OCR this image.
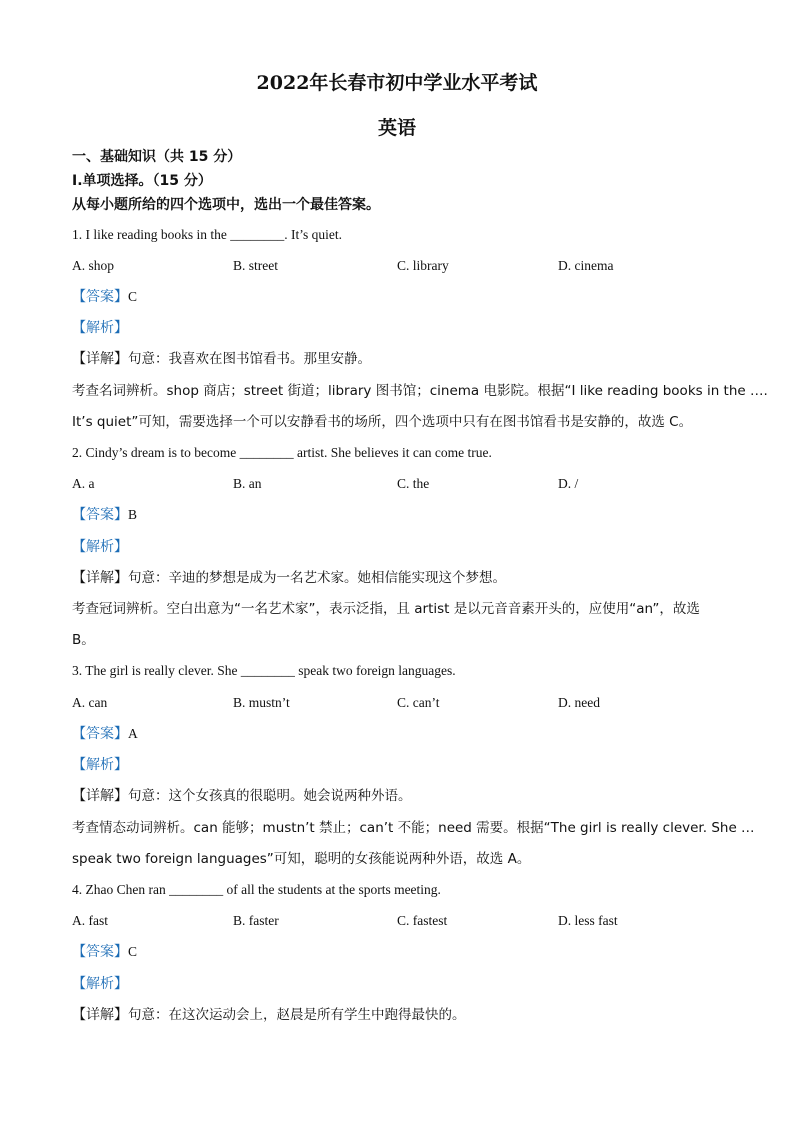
2022年长春市初中学业水平考试
英语
一、基础知识（共 15 分）
Ⅰ.单项选择。（15 分）
从每小题所给的四个选项中，选出一个最佳答案。
1. I like reading books in the ________. It’s quiet.
A. shop	B. street	C. library	D. cinema
【答案】C
【解析】
【详解】句意：我喜欢在图书馆看书。那里安静。
考查名词辨析。shop 商店；street 街道；library 图书馆；cinema 电影院。根据“I like reading books in the ….
It’s quiet”可知，需要选择一个可以安静看书的场所，四个选项中只有在图书馆看书是安静的，故选 C。
2. Cindy’s dream is to become ________ artist. She believes it can come true.
A. a	B. an	C. the	D. /
【答案】B
【解析】
【详解】句意：辛迪的梦想是成为一名艺术家。她相信能实现这个梦想。
考查冠词辨析。空白出意为“一名艺术家”，表示泛指，且 artist 是以元音音素开头的，应使用“an”，故选
B。
3. The girl is really clever. She ________ speak two foreign languages.
A. can	B. mustn’t	C. can’t	D. need
【答案】A
【解析】
【详解】句意：这个女孩真的很聪明。她会说两种外语。
考查情态动词辨析。can 能够；mustn’t 禁止；can’t 不能；need 需要。根据“The girl is really clever. She …
speak two foreign languages”可知，聪明的女孩能说两种外语，故选 A。
4. Zhao Chen ran ________ of all the students at the sports meeting.
A. fast	B. faster	C. fastest	D. less fast
【答案】C
【解析】
【详解】句意：在这次运动会上，赵晨是所有学生中跑得最快的。
